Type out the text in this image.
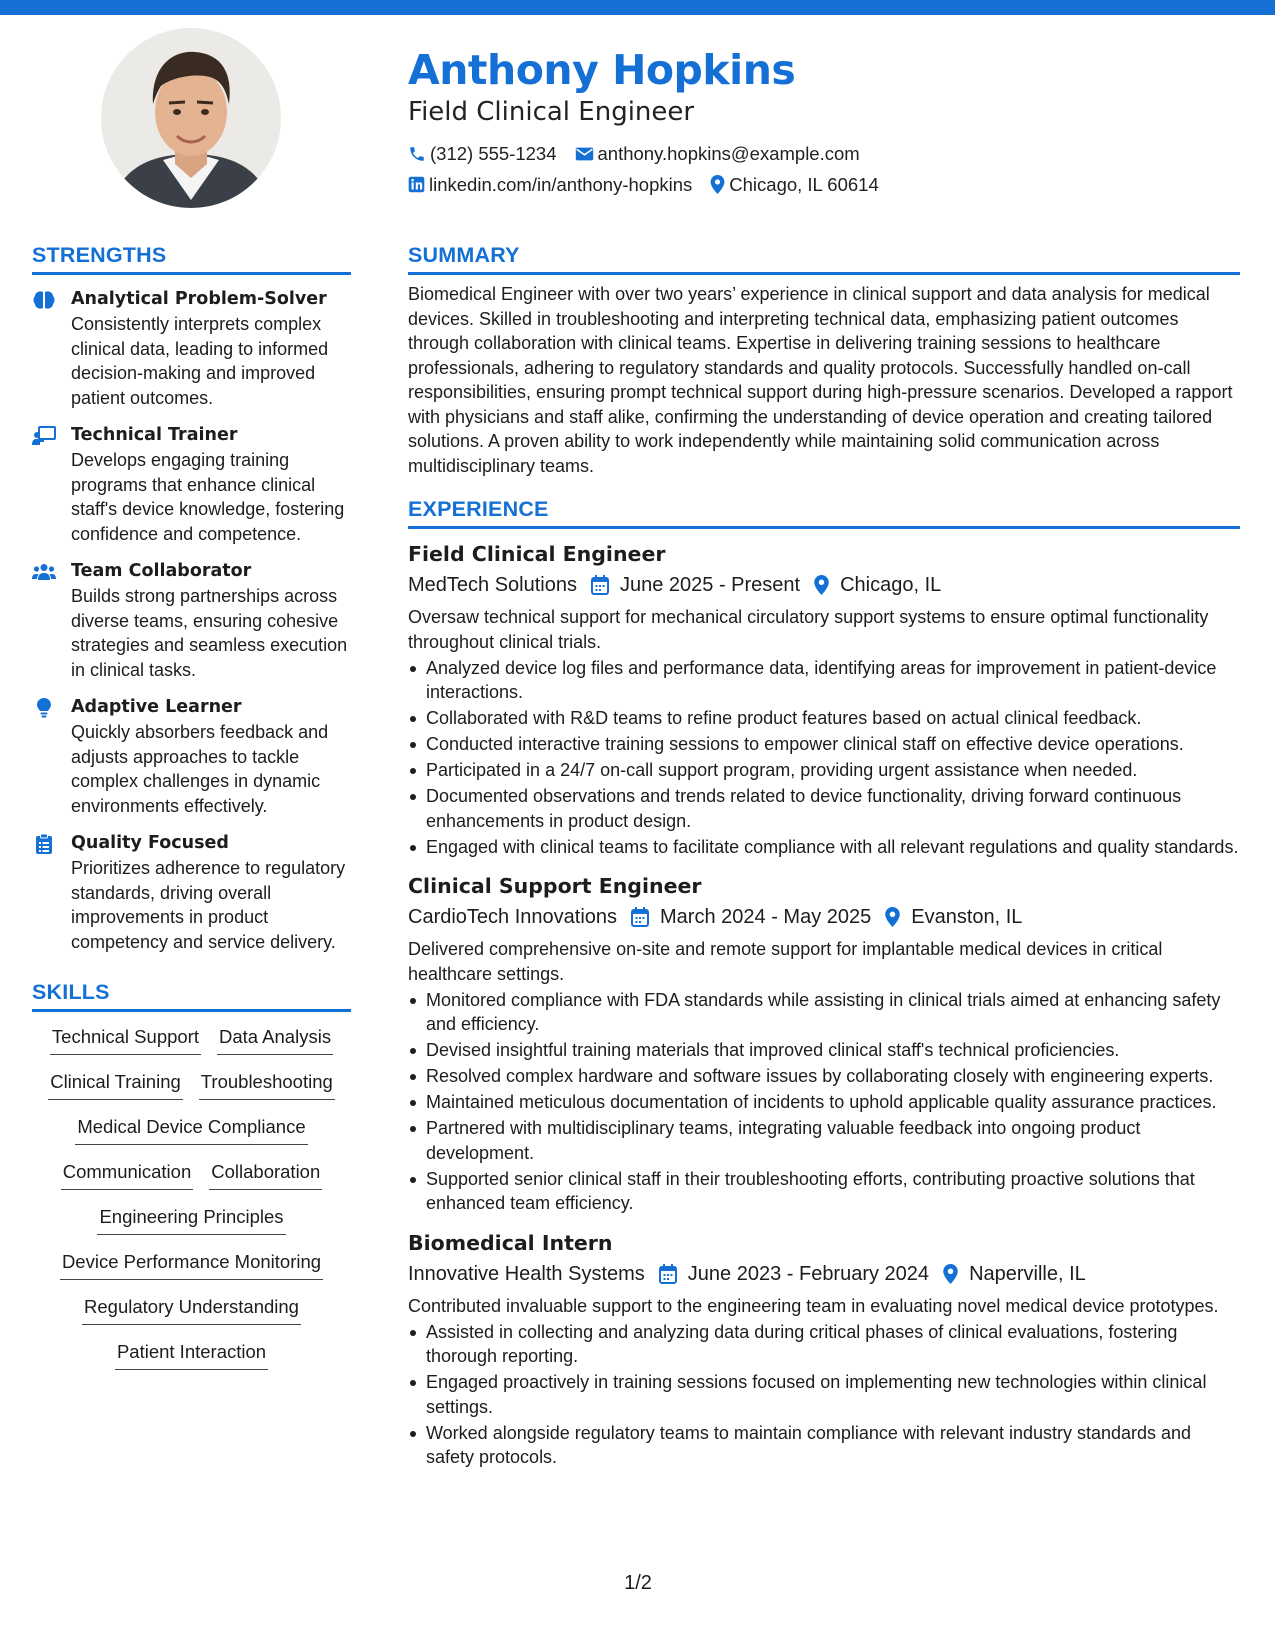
Anthony Hopkins
Field Clinical Engineer
(312) 555-1234 anthony.hopkins@example.com
linkedin.com/in/anthony-hopkins Chicago, IL 60614
STRENGTHS
Analytical Problem-Solver
Consistently interprets complex clinical data, leading to informed decision-making and improved patient outcomes.
Technical Trainer
Develops engaging training programs that enhance clinical staff's device knowledge, fostering confidence and competence.
Team Collaborator
Builds strong partnerships across diverse teams, ensuring cohesive strategies and seamless execution in clinical tasks.
Adaptive Learner
Quickly absorbers feedback and adjusts approaches to tackle complex challenges in dynamic environments effectively.
Quality Focused
Prioritizes adherence to regulatory standards, driving overall improvements in product competency and service delivery.
SKILLS
Technical Support Data Analysis
Clinical Training Troubleshooting
Medical Device Compliance
Communication Collaboration
Engineering Principles
Device Performance Monitoring
Regulatory Understanding
Patient Interaction
SUMMARY
Biomedical Engineer with over two years’ experience in clinical support and data analysis for medical devices. Skilled in troubleshooting and interpreting technical data, emphasizing patient outcomes through collaboration with clinical teams. Expertise in delivering training sessions to healthcare professionals, adhering to regulatory standards and quality protocols. Successfully handled on-call responsibilities, ensuring prompt technical support during high-pressure scenarios. Developed a rapport with physicians and staff alike, confirming the understanding of device operation and creating tailored solutions. A proven ability to work independently while maintaining solid communication across multidisciplinary teams.
EXPERIENCE
Field Clinical Engineer
MedTech Solutions June 2025 - Present Chicago, IL
Oversaw technical support for mechanical circulatory support systems to ensure optimal functionality throughout clinical trials.
Analyzed device log files and performance data, identifying areas for improvement in patient-device interactions.
Collaborated with R&D teams to refine product features based on actual clinical feedback.
Conducted interactive training sessions to empower clinical staff on effective device operations.
Participated in a 24/7 on-call support program, providing urgent assistance when needed.
Documented observations and trends related to device functionality, driving forward continuous enhancements in product design.
Engaged with clinical teams to facilitate compliance with all relevant regulations and quality standards.
Clinical Support Engineer
CardioTech Innovations March 2024 - May 2025 Evanston, IL
Delivered comprehensive on-site and remote support for implantable medical devices in critical healthcare settings.
Monitored compliance with FDA standards while assisting in clinical trials aimed at enhancing safety and efficiency.
Devised insightful training materials that improved clinical staff's technical proficiencies.
Resolved complex hardware and software issues by collaborating closely with engineering experts.
Maintained meticulous documentation of incidents to uphold applicable quality assurance practices.
Partnered with multidisciplinary teams, integrating valuable feedback into ongoing product development.
Supported senior clinical staff in their troubleshooting efforts, contributing proactive solutions that enhanced team efficiency.
Biomedical Intern
Innovative Health Systems June 2023 - February 2024 Naperville, IL
Contributed invaluable support to the engineering team in evaluating novel medical device prototypes.
Assisted in collecting and analyzing data during critical phases of clinical evaluations, fostering thorough reporting.
Engaged proactively in training sessions focused on implementing new technologies within clinical settings.
Worked alongside regulatory teams to maintain compliance with relevant industry standards and safety protocols.
1/2
